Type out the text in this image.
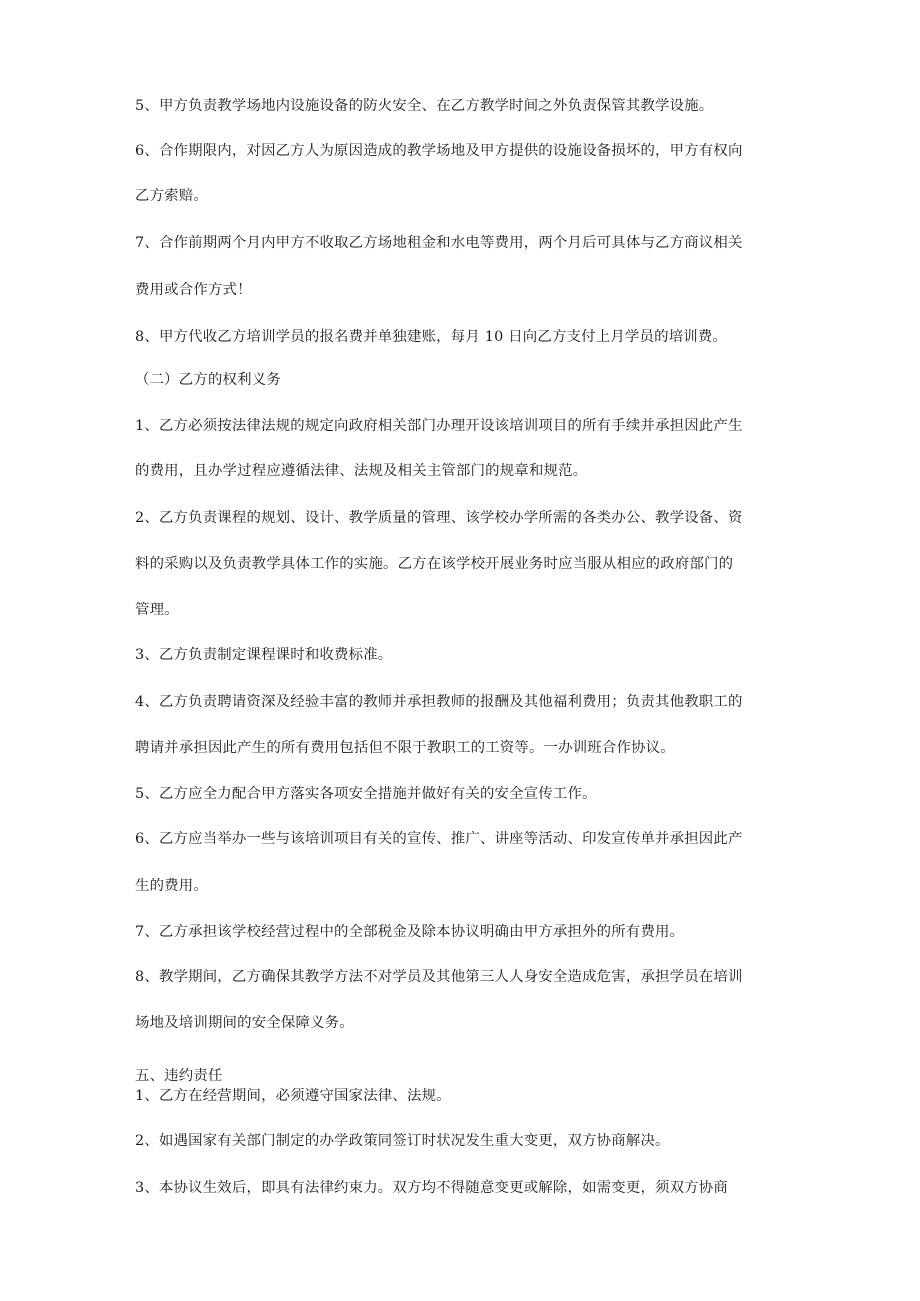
5、甲方负责教学场地内设施设备的防火安全、在乙方教学时间之外负责保管其教学设施。
6、合作期限内，对因乙方人为原因造成的教学场地及甲方提供的设施设备损坏的，甲方有权向
乙方索赔。
7、合作前期两个月内甲方不收取乙方场地租金和水电等费用，两个月后可具体与乙方商议相关
费用或合作方式！
8、甲方代收乙方培训学员的报名费并单独建账，每月 10 日向乙方支付上月学员的培训费。
（二）乙方的权利义务
1、乙方必须按法律法规的规定向政府相关部门办理开设该培训项目的所有手续并承担因此产生
的费用，且办学过程应遵循法律、法规及相关主管部门的规章和规范。
2、乙方负责课程的规划、设计、教学质量的管理、该学校办学所需的各类办公、教学设备、资
料的采购以及负责教学具体工作的实施。乙方在该学校开展业务时应当服从相应的政府部门的
管理。
3、乙方负责制定课程课时和收费标准。
4、乙方负责聘请资深及经验丰富的教师并承担教师的报酬及其他福利费用；负责其他教职工的
聘请并承担因此产生的所有费用包括但不限于教职工的工资等。一办训班合作协议。
5、乙方应全力配合甲方落实各项安全措施并做好有关的安全宣传工作。
6、乙方应当举办一些与该培训项目有关的宣传、推广、讲座等活动、印发宣传单并承担因此产
生的费用。
7、乙方承担该学校经营过程中的全部税金及除本协议明确由甲方承担外的所有费用。
8、教学期间，乙方确保其教学方法不对学员及其他第三人人身安全造成危害，承担学员在培训
场地及培训期间的安全保障义务。
五、违约责任
1、乙方在经营期间，必须遵守国家法律、法规。
2、如遇国家有关部门制定的办学政策同签订时状况发生重大变更，双方协商解决。
3、本协议生效后，即具有法律约束力。双方均不得随意变更或解除，如需变更，须双方协商
